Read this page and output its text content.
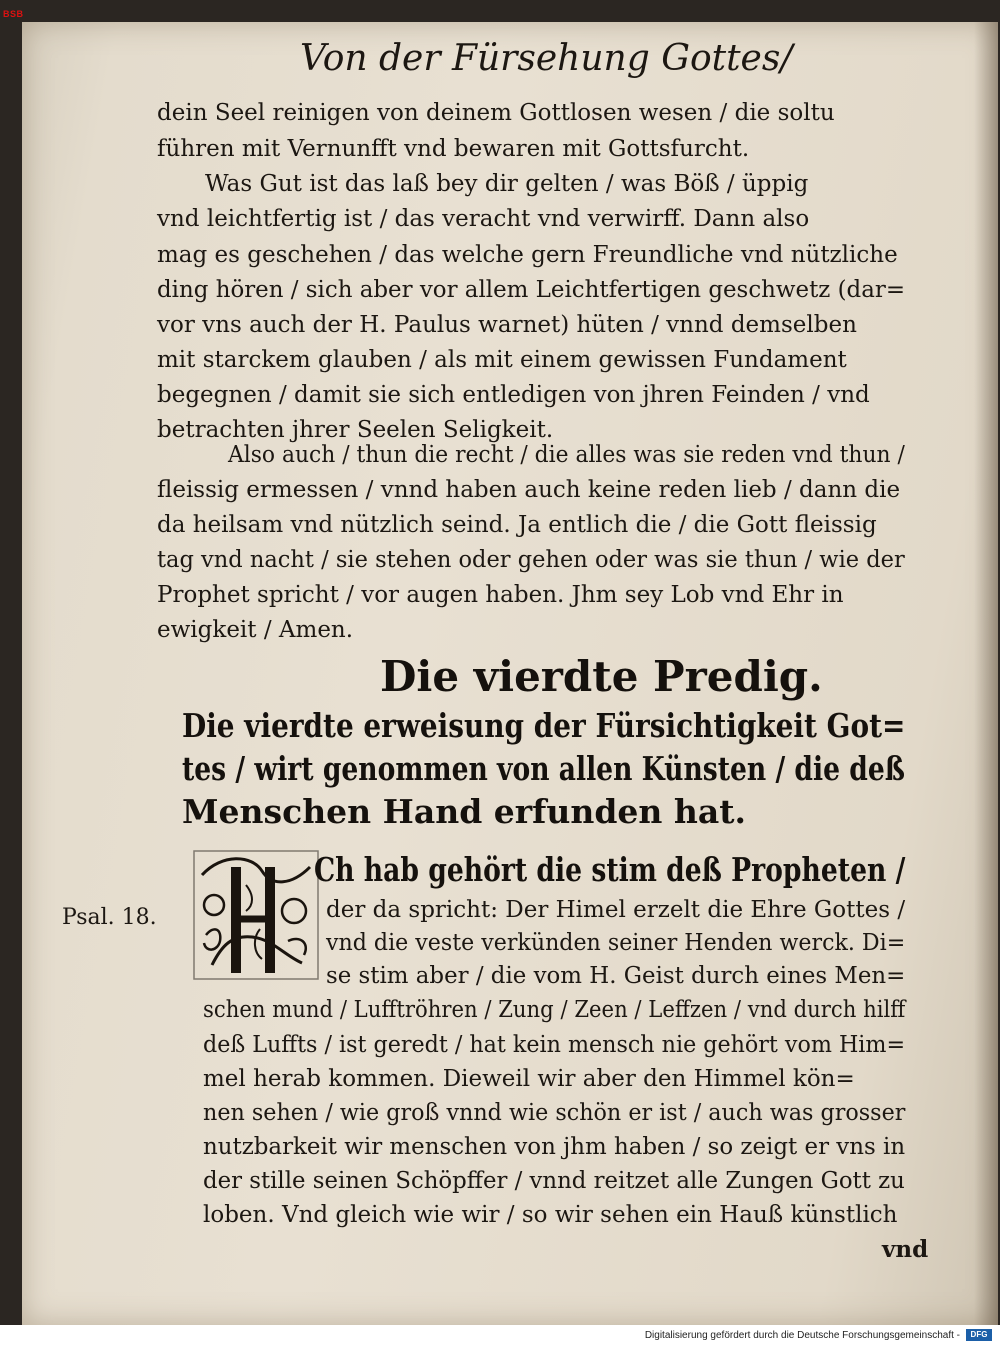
BSB
Von der Fürsehung Gottes/
dein Seel reinigen von deinem Gottlosen wesen / die soltu
führen mit Vernunfft vnd bewaren mit Gottsfurcht.
Was Gut ist das laß bey dir gelten / was Böß / üppig
vnd leichtfertig ist / das veracht vnd verwirff. Dann also
mag es geschehen / das welche gern Freundliche vnd nützliche
ding hören / sich aber vor allem Leichtfertigen geschwetz (dar=
vor vns auch der H. Paulus warnet) hüten / vnnd demselben
mit starckem glauben / als mit einem gewissen Fundament
begegnen / damit sie sich entledigen von jhren Feinden / vnd
betrachten jhrer Seelen Seligkeit.
Also auch / thun die recht / die alles was sie reden vnd thun /
fleissig ermessen / vnnd haben auch keine reden lieb / dann die
da heilsam vnd nützlich seind. Ja entlich die / die Gott fleissig
tag vnd nacht / sie stehen oder gehen oder was sie thun / wie der
Prophet spricht / vor augen haben. Jhm sey Lob vnd Ehr in
ewigkeit / Amen.
Die vierdte Predig.
Die vierdte erweisung der Fürsichtigkeit Got=
tes / wirt genommen von allen Künsten / die deß
Menschen Hand erfunden hat.
Ch hab gehört die stim deß Propheten /
Psal. 18.	der da spricht: Der Himel erzelt die Ehre Gottes /
vnd die veste verkünden seiner Henden werck. Di=
se stim aber / die vom H. Geist durch eines Men=
schen mund / Lufftröhren / Zung / Zeen / Leffzen / vnd durch hilff
deß Luffts / ist geredt / hat kein mensch nie gehört vom Him=
mel herab kommen. Dieweil wir aber den Himmel kön=
nen sehen / wie groß vnnd wie schön er ist / auch was grosser
nutzbarkeit wir menschen von jhm haben / so zeigt er vns in
der stille seinen Schöpffer / vnnd reitzet alle Zungen Gott zu
loben. Vnd gleich wie wir / so wir sehen ein Hauß künstlich
vnd
Digitalisierung gefördert durch die Deutsche Forschungsgemeinschaft -	DFG
